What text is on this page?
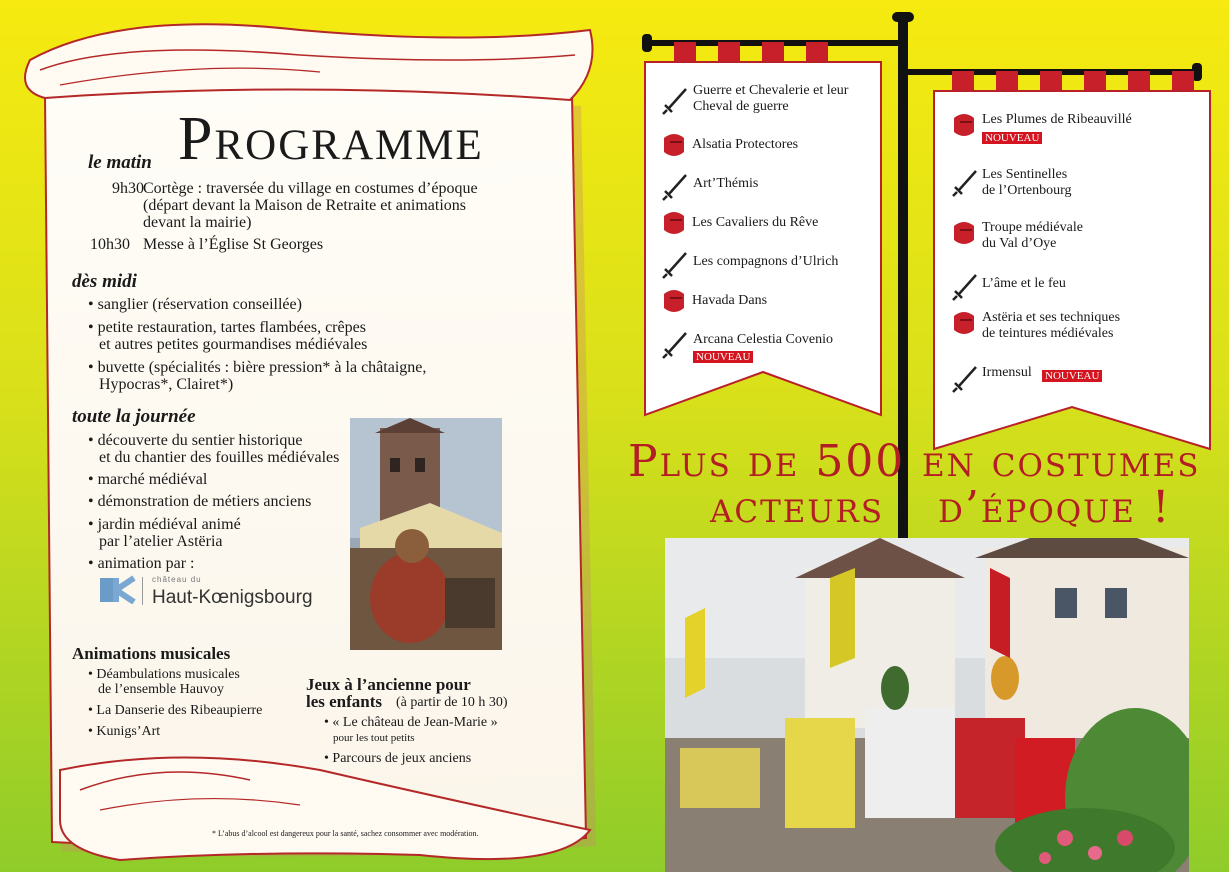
Programme
le matin
9h30 Cortège : traversée du village en costumes d’époque
(départ devant la Maison de Retraite et animations
devant la mairie)
10h30 Messe à l’Église St Georges
dès midi
• sanglier (réservation conseillée)
• petite restauration, tartes flambées, crêpes
et autres petites gourmandises médiévales
• buvette (spécialités : bière pression* à la châtaigne,
Hypocras*, Clairet*)
toute la journée
• découverte du sentier historique
et du chantier des fouilles médiévales
• marché médiéval
• démonstration de métiers anciens
• jardin médiéval animé
par l’atelier Astëria
• animation par :
château du
Haut-Kœnigsbourg
Animations musicales
• Déambulations musicales
de l’ensemble Hauvoy
• La Danserie des Ribeaupierre
• Kunigs’Art
Jeux à l’ancienne pour
les enfants (à partir de 10 h 30)
• « Le château de Jean-Marie »
pour les tout petits
• Parcours de jeux anciens
* L’abus d’alcool est dangereux pour la santé, sachez consommer avec modération.
Guerre et Chevalerie et leur
Cheval de guerre
Alsatia Protectores
Art’Thémis
Les Cavaliers du Rêve
Les compagnons d’Ulrich
Havada Dans
Arcana Celestia Covenio
NOUVEAU
Les Plumes de Ribeauvillé
NOUVEAU
Les Sentinelles
de l’Ortenbourg
Troupe médiévale
du Val d’Oye
L’âme et le feu
Astëria et ses techniques
de teintures médiévales
Irmensul NOUVEAU
Plus de 500
acteurs
en costumes
d’époque !
